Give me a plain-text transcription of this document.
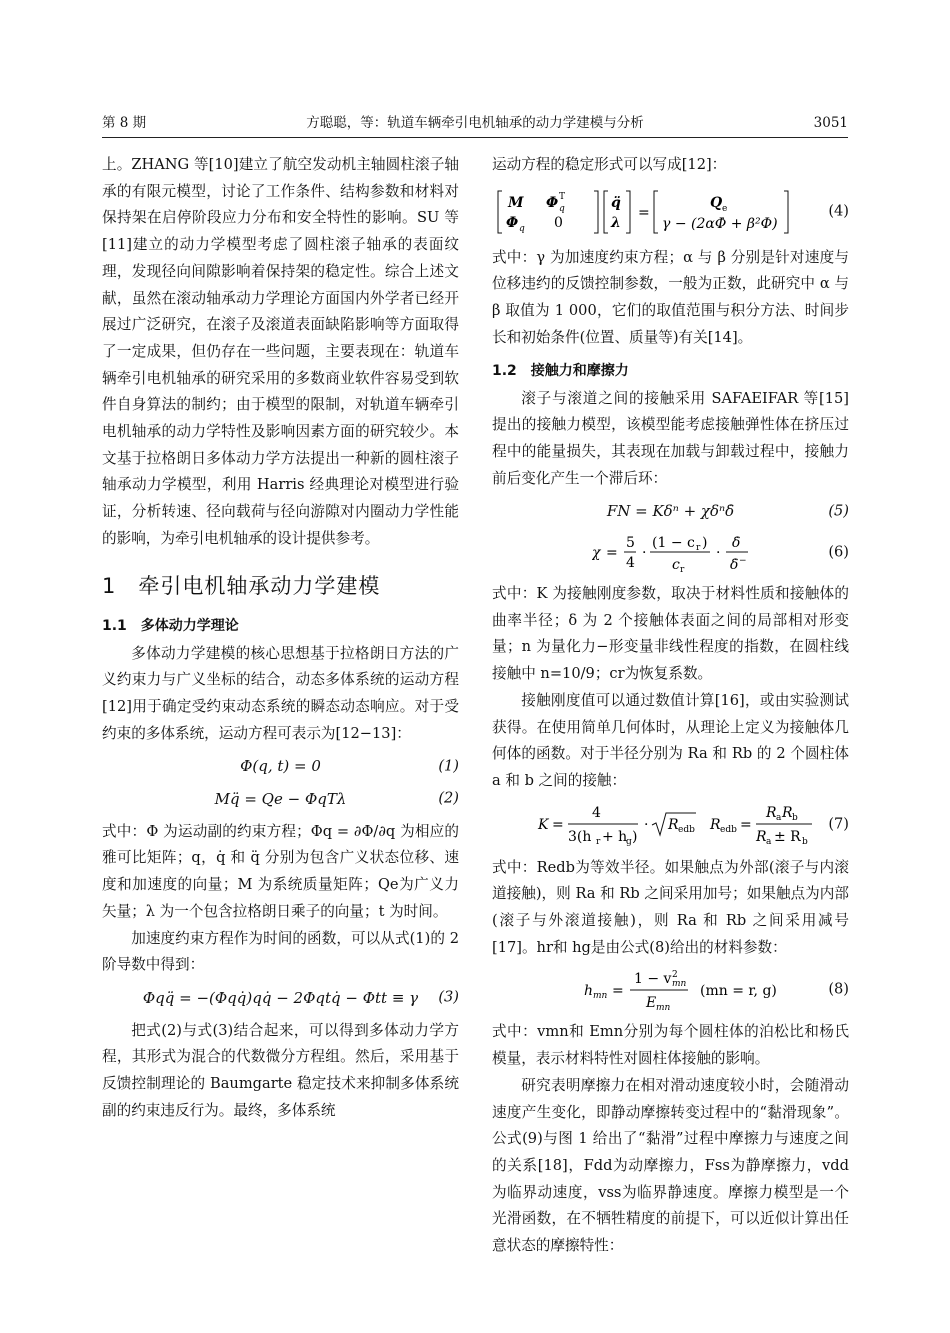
第 8 期	方聪聪，等：轨道车辆牵引电机轴承的动力学建模与分析	3051

上。ZHANG 等[10]建立了航空发动机主轴圆柱滚子轴承的有限元模型，讨论了工作条件、结构参数和材料对保持架在启停阶段应力分布和安全特性的影响。SU 等[11]建立的动力学模型考虑了圆柱滚子轴承的表面纹理，发现径向间隙影响着保持架的稳定性。综合上述文献，虽然在滚动轴承动力学理论方面国内外学者已经开展过广泛研究，在滚子及滚道表面缺陷影响等方面取得了一定成果，但仍存在一些问题，主要表现在：轨道车辆牵引电机轴承的研究采用的多数商业软件容易受到软件自身算法的制约；由于模型的限制，对轨道车辆牵引电机轴承的动力学特性及影响因素方面的研究较少。本文基于拉格朗日多体动力学方法提出一种新的圆柱滚子轴承动力学模型，利用 Harris 经典理论对模型进行验证，分析转速、径向载荷与径向游隙对内圈动力学性能的影响，为牵引电机轴承的设计提供参考。

1　牵引电机轴承动力学建模
1.1　多体动力学理论

多体动力学建模的核心思想基于拉格朗日方法的广义约束力与广义坐标的结合，动态多体系统的运动方程[12]用于确定受约束动态系统的瞬态动态响应。对于受约束的多体系统，运动方程可表示为[12−13]：

Φ(q, t) = 0	(1)
Mq̈ = Qe − ΦqTλ	(2)

式中：Φ 为运动副的约束方程；Φq = ∂Φ/∂q 为相应的雅可比矩阵；q，q̇ 和 q̈ 分别为包含广义状态位移、速度和加速度的向量；M 为系统质量矩阵；Qe为广义力矢量；λ 为一个包含拉格朗日乘子的向量；t 为时间。

加速度约束方程作为时间的函数，可以从式(1)的 2 阶导数中得到：

Φqq̈ = −(Φqq̇)qq̇ − 2Φqtq̇ − Φtt ≡ γ (3)

把式(2)与式(3)结合起来，可以得到多体动力学方程，其形式为混合的代数微分方程组。然后，采用基于反馈控制理论的 Baumgarte 稳定技术来抑制多体系统副的约束违反行为。最终，多体系统

运动方程的稳定形式可以写成[12]：

M Φ q
T
Φ q 0
q̈
λ
=
Q e
γ − (2αΦ̇ + β²Φ)
(4)

式中：γ 为加速度约束方程；α 与 β 分别是针对速度与位移违约的反馈控制参数，一般为正数，此研究中 α 与 β 取值为 1 000，它们的取值范围与积分方法、时间步长和初始条件(位置、质量等)有关[14]。

1.2　接触力和摩擦力

滚子与滚道之间的接触采用 SAFAEIFAR 等[15]提出的接触力模型，该模型能考虑接触弹性体在挤压过程中的能量损失，其表现在加载与卸载过程中，接触力前后变化产生一个滞后环：

FN = Kδⁿ + χδⁿδ̇	(5)
χ =
5
4
·
(1 − c r )
c r
·
δ̇
δ̇ −
(6)

式中：K 为接触刚度参数，取决于材料性质和接触体的曲率半径；δ 为 2 个接触体表面之间的局部相对形变量；n 为量化力−形变量非线性程度的指数，在圆柱线接触中 n=10/9；cr为恢复系数。

接触刚度值可以通过数值计算[16]，或由实验测试获得。在使用简单几何体时，从理论上定义为接触体几何体的函数。对于半径分别为 Ra 和 Rb 的 2 个圆柱体 a 和 b 之间的接触：

K =
4
3(h r + h
g )
· R edb R edb =
R a R b
R a ± R b
(7)

式中：Redb为等效半径。如果触点为外部(滚子与内滚道接触)，则 Ra 和 Rb 之间采用加号；如果触点为内部(滚子与外滚道接触)，则 Ra 和 Rb 之间采用减号[17]。hr和 hg是由公式(8)给出的材料参数：

h mn =
1 − v 2
mn
E mn
(mn = r, g)	(8)

式中：vmn和 Emn分别为每个圆柱体的泊松比和杨氏模量，表示材料特性对圆柱体接触的影响。

研究表明摩擦力在相对滑动速度较小时，会随滑动速度产生变化，即静动摩擦转变过程中的“黏滑现象”。公式(9)与图 1 给出了“黏滑”过程中摩擦力与速度之间的关系[18]，Fdd为动摩擦力，Fss为静摩擦力，vdd为临界动速度，vss为临界静速度。摩擦力模型是一个光滑函数，在不牺牲精度的前提下，可以近似计算出任意状态的摩擦特性：
